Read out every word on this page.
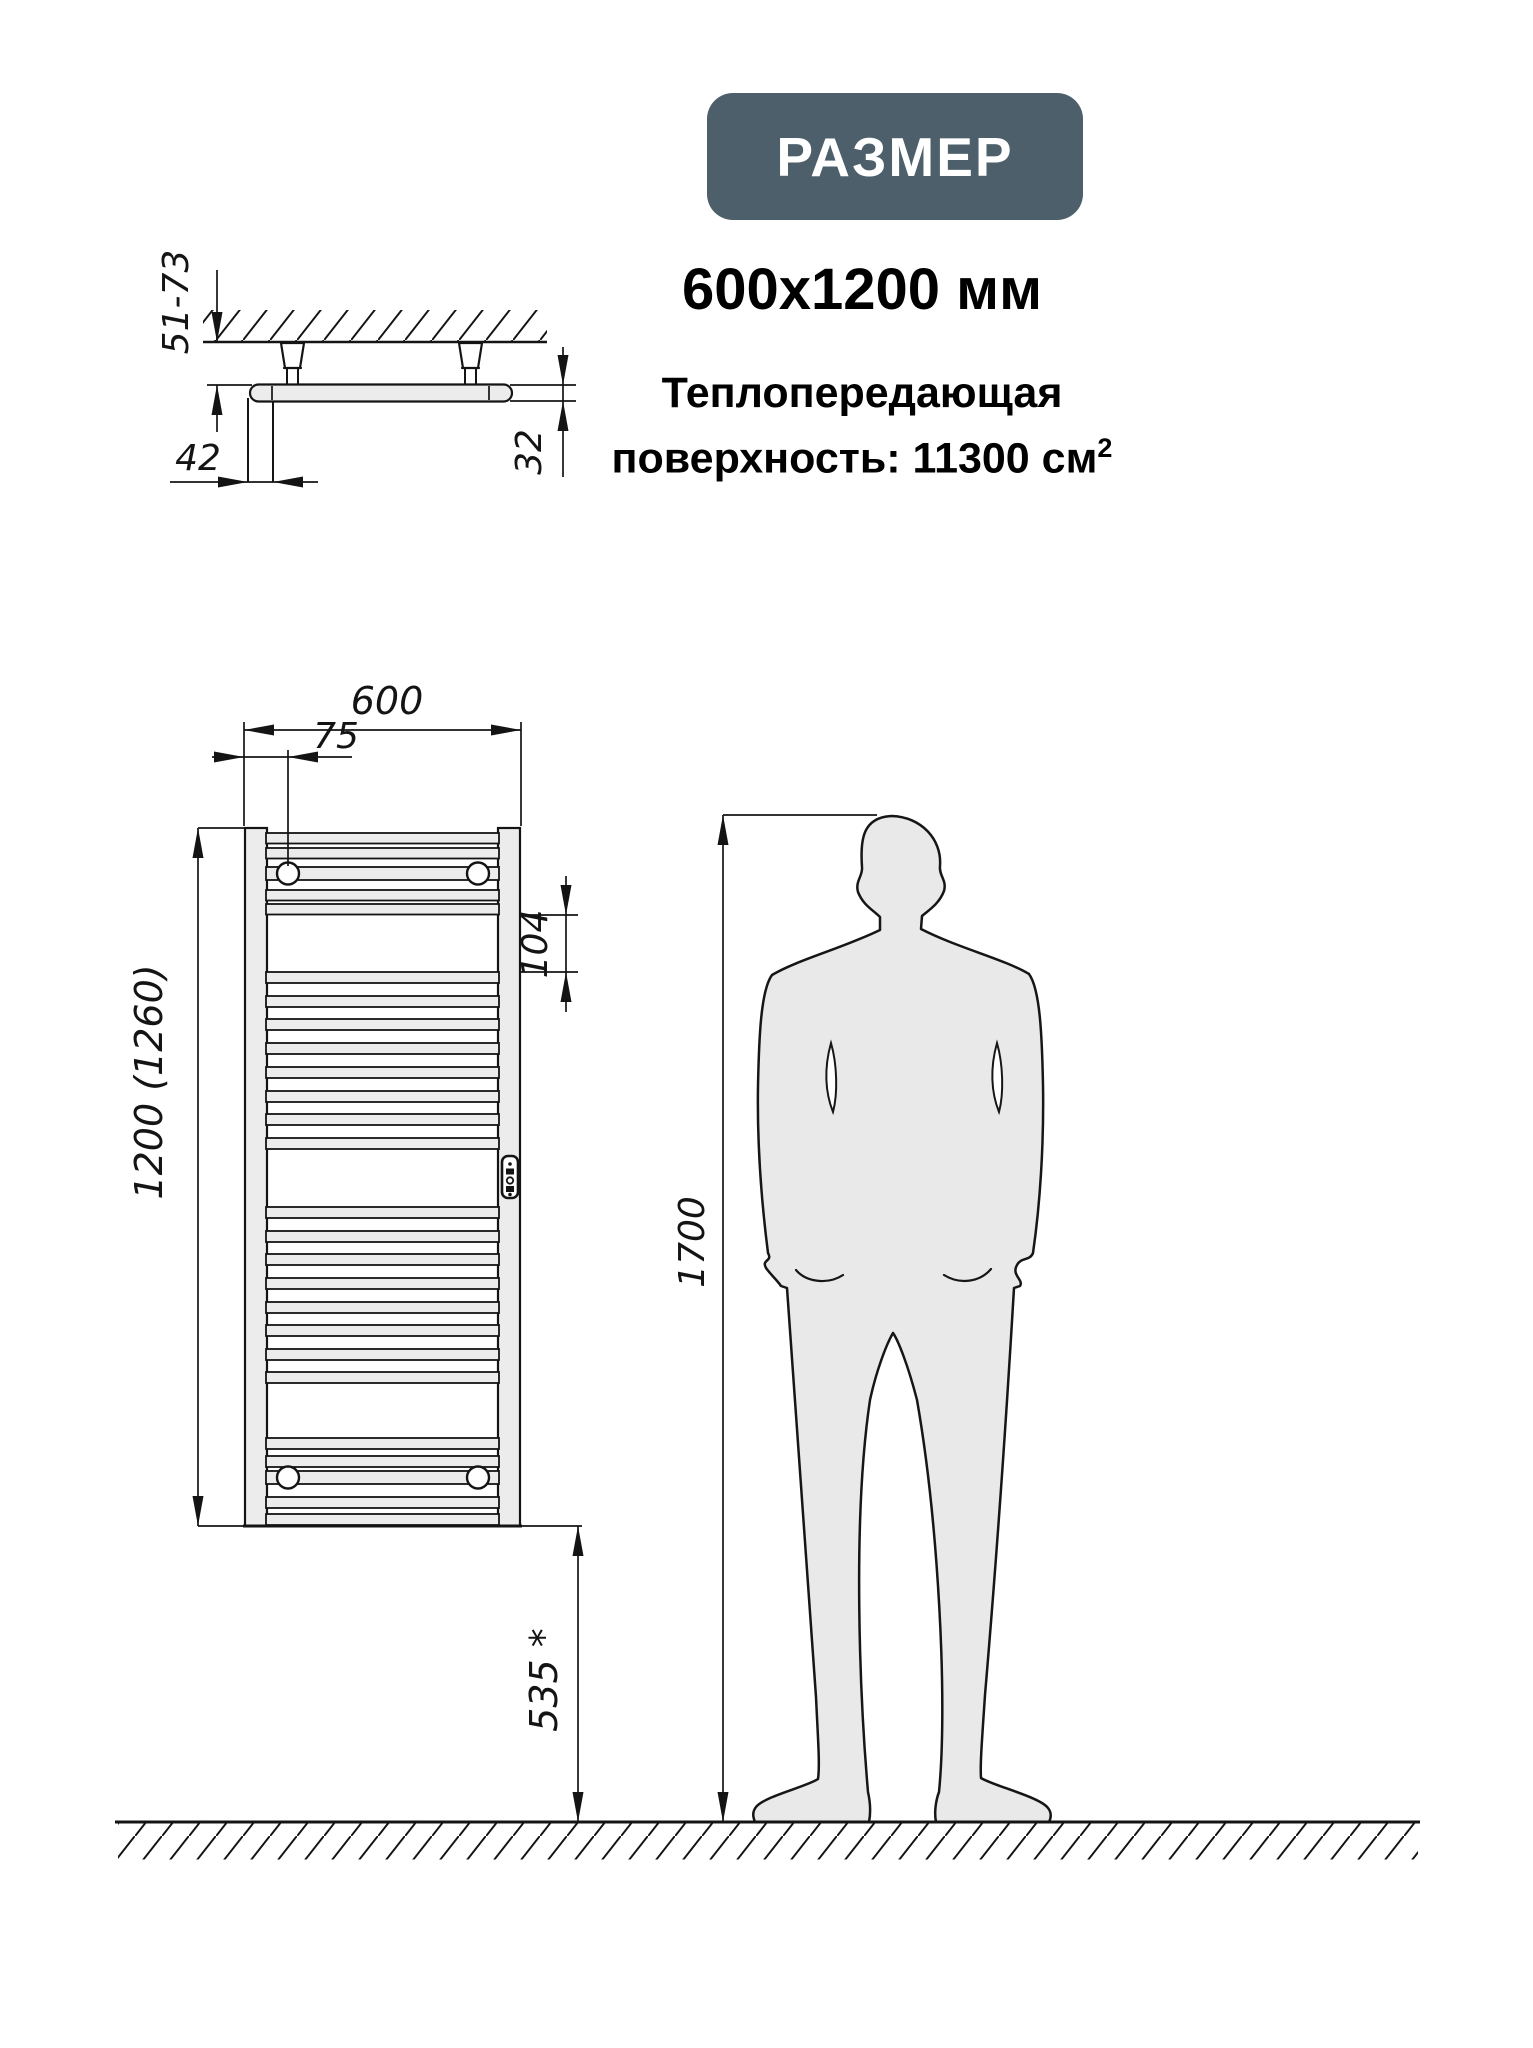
РАЗМЕР
600x1200 мм
Теплопередающая
поверхность: 11300 $см^2$
51-73
42	32
600
75
104
1200 (1260)
535 *
1700
